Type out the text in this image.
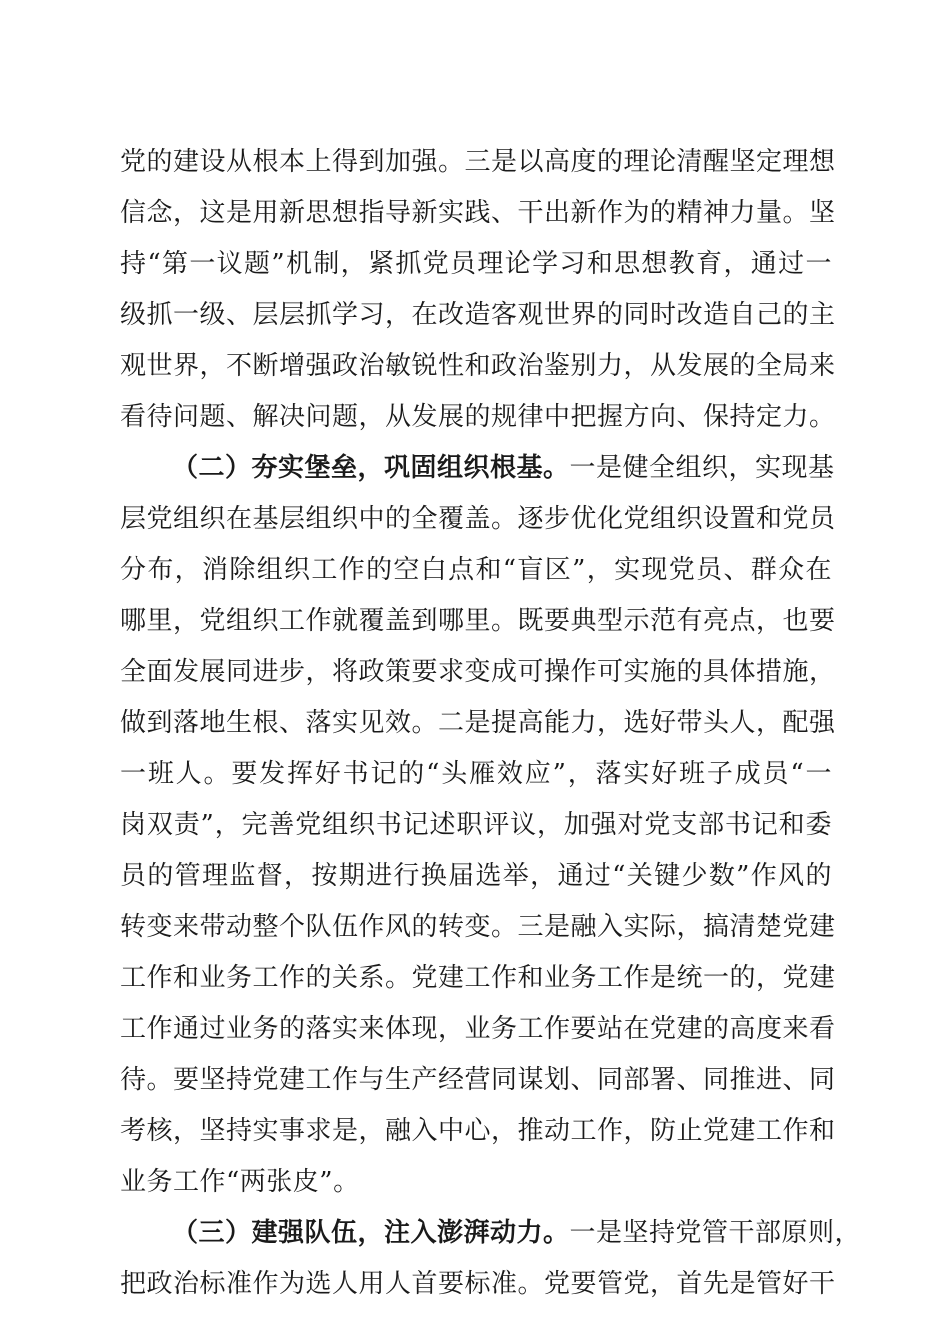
党的建设从根本上得到加强。三是以高度的理论清醒坚定理想
信念，这是用新思想指导新实践、干出新作为的精神力量。坚
持“第一议题”机制，紧抓党员理论学习和思想教育，通过一
级抓一级、层层抓学习，在改造客观世界的同时改造自己的主
观世界，不断增强政治敏锐性和政治鉴别力，从发展的全局来
看待问题、解决问题，从发展的规律中把握方向、保持定力。
（二）夯实堡垒，巩固组织根基。一是健全组织，实现基
层党组织在基层组织中的全覆盖。逐步优化党组织设置和党员
分布，消除组织工作的空白点和“盲区”，实现党员、群众在
哪里，党组织工作就覆盖到哪里。既要典型示范有亮点，也要
全面发展同进步，将政策要求变成可操作可实施的具体措施，
做到落地生根、落实见效。二是提高能力，选好带头人，配强
一班人。要发挥好书记的“头雁效应”，落实好班子成员“一
岗双责”，完善党组织书记述职评议，加强对党支部书记和委
员的管理监督，按期进行换届选举，通过“关键少数”作风的
转变来带动整个队伍作风的转变。三是融入实际，搞清楚党建
工作和业务工作的关系。党建工作和业务工作是统一的，党建
工作通过业务的落实来体现，业务工作要站在党建的高度来看
待。要坚持党建工作与生产经营同谋划、同部署、同推进、同
考核，坚持实事求是，融入中心，推动工作，防止党建工作和
业务工作“两张皮”。
（三）建强队伍，注入澎湃动力。一是坚持党管干部原则，
把政治标准作为选人用人首要标准。党要管党，首先是管好干
